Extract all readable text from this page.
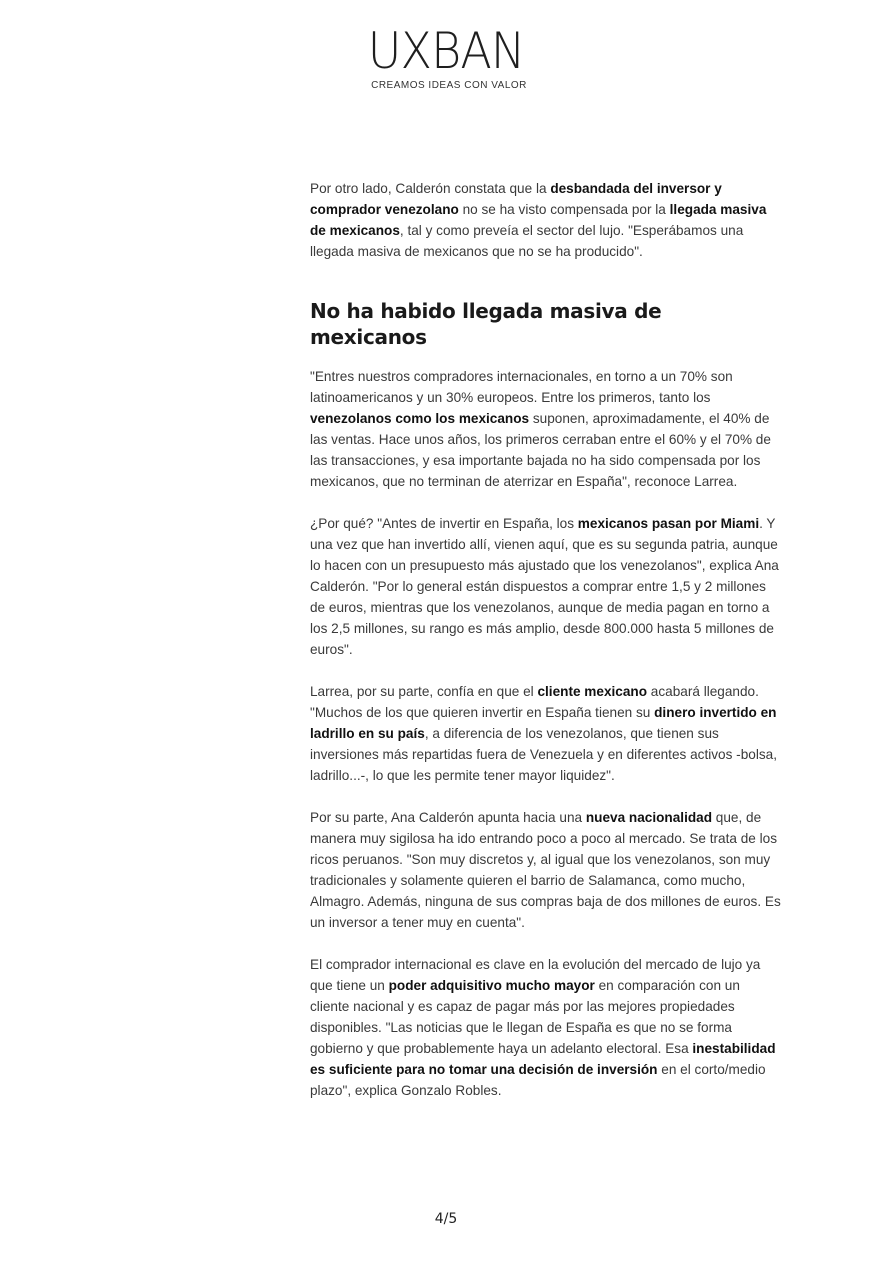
UXBAN
CREAMOS IDEAS CON VALOR

Por otro lado, Calderón constata que la desbandada del inversor y comprador venezolano no se ha visto compensada por la llegada masiva de mexicanos, tal y como preveía el sector del lujo. "Esperábamos una llegada masiva de mexicanos que no se ha producido".

No ha habido llegada masiva de mexicanos

"Entres nuestros compradores internacionales, en torno a un 70% son latinoamericanos y un 30% europeos. Entre los primeros, tanto los venezolanos como los mexicanos suponen, aproximadamente, el 40% de las ventas. Hace unos años, los primeros cerraban entre el 60% y el 70% de las transacciones, y esa importante bajada no ha sido compensada por los mexicanos, que no terminan de aterrizar en España", reconoce Larrea.

¿Por qué? "Antes de invertir en España, los mexicanos pasan por Miami. Y una vez que han invertido allí, vienen aquí, que es su segunda patria, aunque lo hacen con un presupuesto más ajustado que los venezolanos", explica Ana Calderón. "Por lo general están dispuestos a comprar entre 1,5 y 2 millones de euros, mientras que los venezolanos, aunque de media pagan en torno a los 2,5 millones, su rango es más amplio, desde 800.000 hasta 5 millones de euros".

Larrea, por su parte, confía en que el cliente mexicano acabará llegando. "Muchos de los que quieren invertir en España tienen su dinero invertido en ladrillo en su país, a diferencia de los venezolanos, que tienen sus inversiones más repartidas fuera de Venezuela y en diferentes activos -bolsa, ladrillo...-, lo que les permite tener mayor liquidez".

Por su parte, Ana Calderón apunta hacia una nueva nacionalidad que, de manera muy sigilosa ha ido entrando poco a poco al mercado. Se trata de los ricos peruanos. "Son muy discretos y, al igual que los venezolanos, son muy tradicionales y solamente quieren el barrio de Salamanca, como mucho, Almagro. Además, ninguna de sus compras baja de dos millones de euros. Es un inversor a tener muy en cuenta".

El comprador internacional es clave en la evolución del mercado de lujo ya que tiene un poder adquisitivo mucho mayor en comparación con un cliente nacional y es capaz de pagar más por las mejores propiedades disponibles. "Las noticias que le llegan de España es que no se forma gobierno y que probablemente haya un adelanto electoral. Esa inestabilidad es suficiente para no tomar una decisión de inversión en el corto/medio plazo", explica Gonzalo Robles.

4/5
